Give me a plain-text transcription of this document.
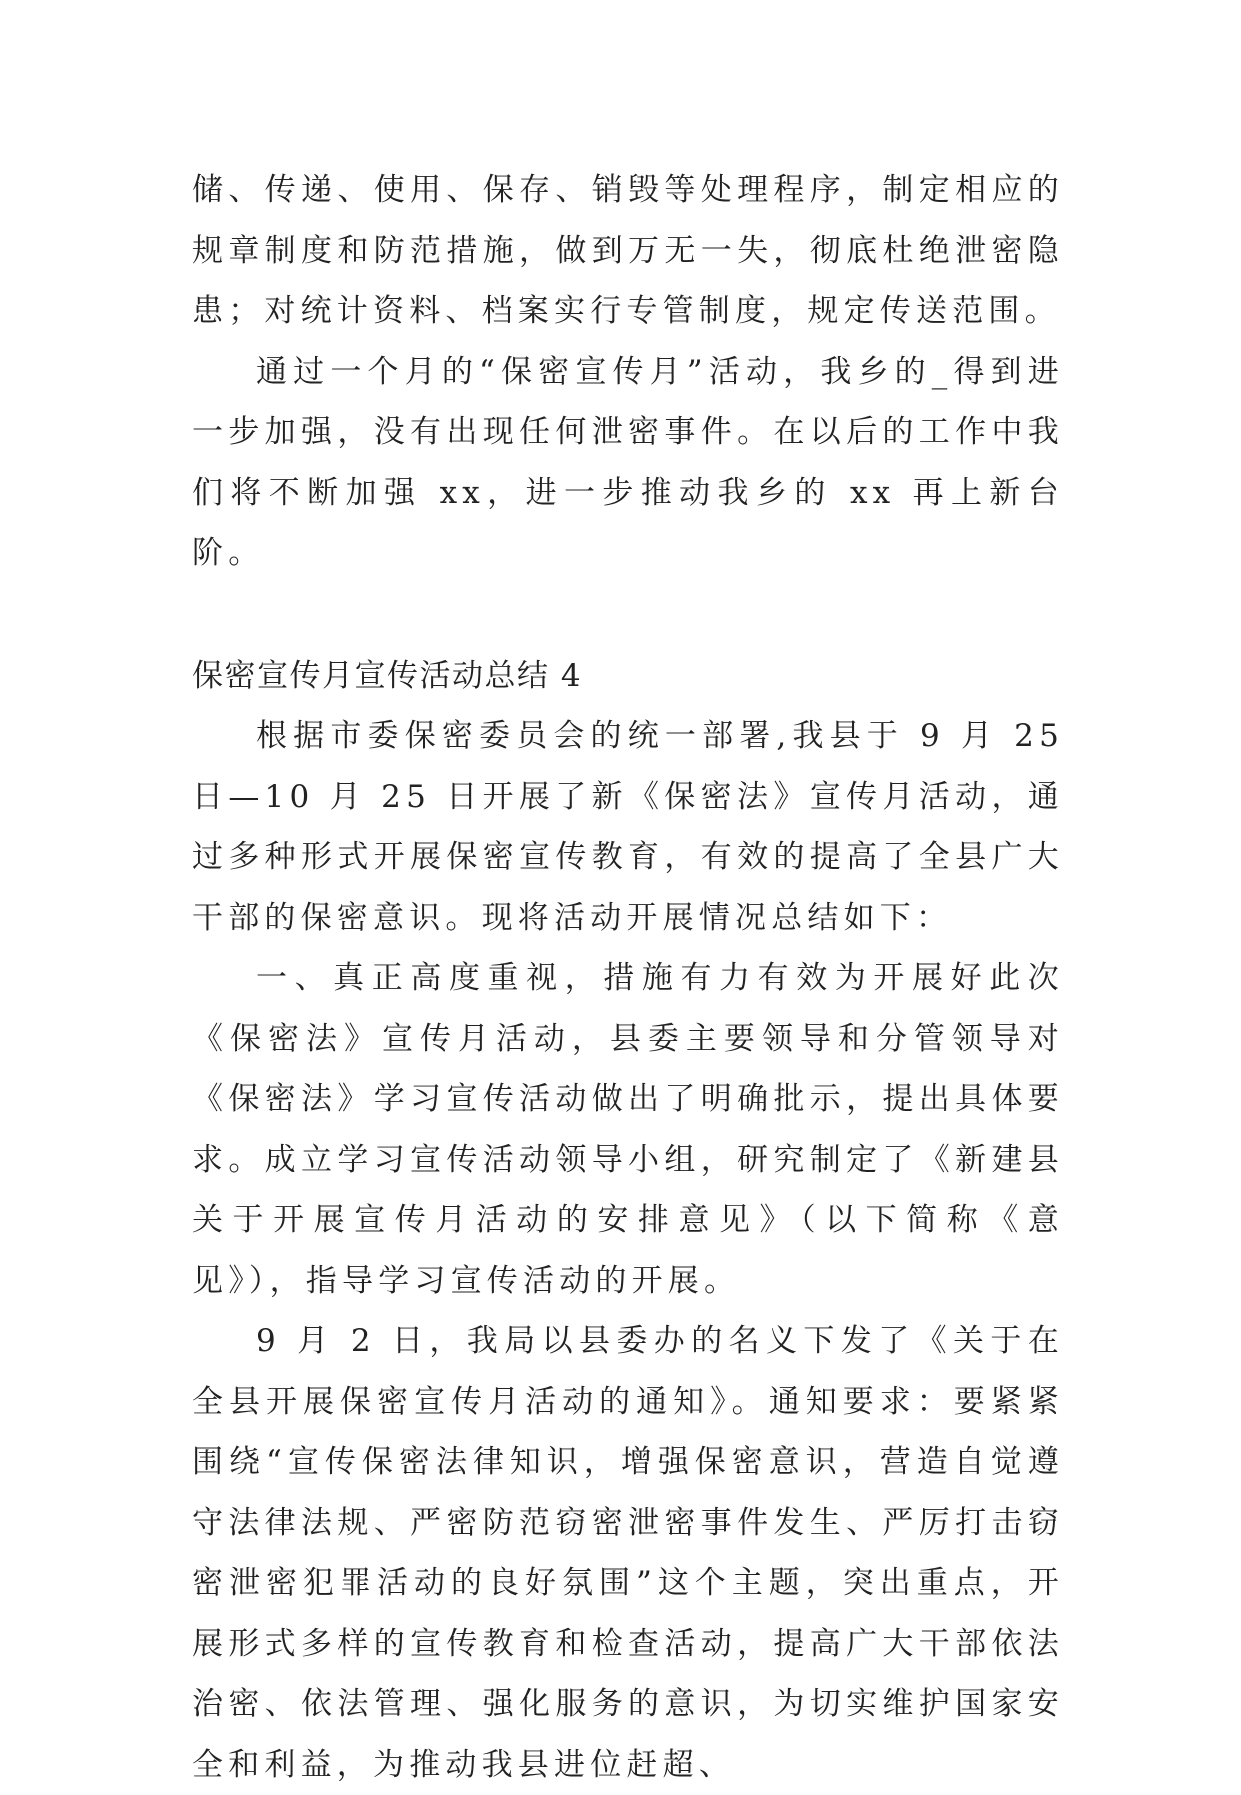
储、传递、使用、保存、销毁等处理程序，制定相应的规章制度和防范措施，做到万无一失，彻底杜绝泄密隐患；对统计资料、档案实行专管制度，规定传送范围。

通过一个月的“保密宣传月”活动，我乡的_得到进一步加强，没有出现任何泄密事件。在以后的工作中我们将不断加强 xx，进一步推动我乡的 xx 再上新台阶。

保密宣传月宣传活动总结 4

根据市委保密委员会的统一部署,我县于 9 月 25 日—10 月 25 日开展了新《保密法》宣传月活动，通过多种形式开展保密宣传教育，有效的提高了全县广大干部的保密意识。现将活动开展情况总结如下：

一、真正高度重视，措施有力有效为开展好此次《保密法》宣传月活动，县委主要领导和分管领导对《保密法》学习宣传活动做出了明确批示，提出具体要求。成立学习宣传活动领导小组，研究制定了《新建县关于开展宣传月活动的安排意见》（以下简称《意见》），指导学习宣传活动的开展。

9 月 2 日，我局以县委办的名义下发了《关于在全县开展保密宣传月活动的通知》。通知要求：要紧紧围绕“宣传保密法律知识，增强保密意识，营造自觉遵守法律法规、严密防范窃密泄密事件发生、严厉打击窃密泄密犯罪活动的良好氛围”这个主题，突出重点，开展形式多样的宣传教育和检查活动，提高广大干部依法治密、依法管理、强化服务的意识，为切实维护国家安全和利益，为推动我县进位赶超、
